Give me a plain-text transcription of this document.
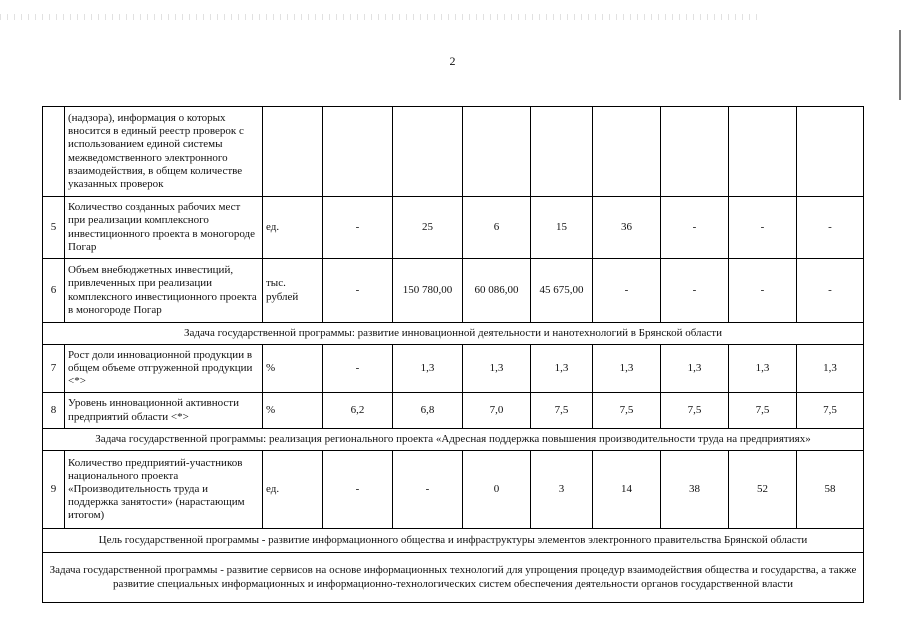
2
	(надзора), информация о которых вносится в единый реестр проверок с использованием единой системы межведомственного электронного взаимодействия, в общем количестве указанных проверок									
5	Количество созданных рабочих мест при реализации комплексного инвестиционного проекта в моногороде Погар	ед.	-	25	6	15	36	-	-	-
6	Объем внебюджетных инвестиций, привлеченных при реализации комплексного инвестиционного проекта в моногороде Погар	тыс. рублей	-	150 780,00	60 086,00	45 675,00	-	-	-	-
Задача государственной программы: развитие инновационной деятельности и нанотехнологий в Брянской области										
7	Рост доли инновационной продукции в общем объеме отгруженной продукции <*>	%	-	1,3	1,3	1,3	1,3	1,3	1,3	1,3
8	Уровень инновационной активности предприятий области <*>	%	6,2	6,8	7,0	7,5	7,5	7,5	7,5	7,5
Задача государственной программы: реализация регионального проекта «Адресная поддержка повышения производительности труда на предприятиях»										
9	Количество предприятий-участников национального проекта «Производительность труда и поддержка занятости» (нарастающим итогом)	ед.	-	-	0	3	14	38	52	58
Цель государственной программы - развитие информационного общества и инфраструктуры элементов электронного правительства Брянской области										
Задача государственной программы - развитие сервисов на основе информационных технологий для упрощения процедур взаимодействия общества и государства, а также развитие специальных информационных и информационно-технологических систем обеспечения деятельности органов государственной власти										
